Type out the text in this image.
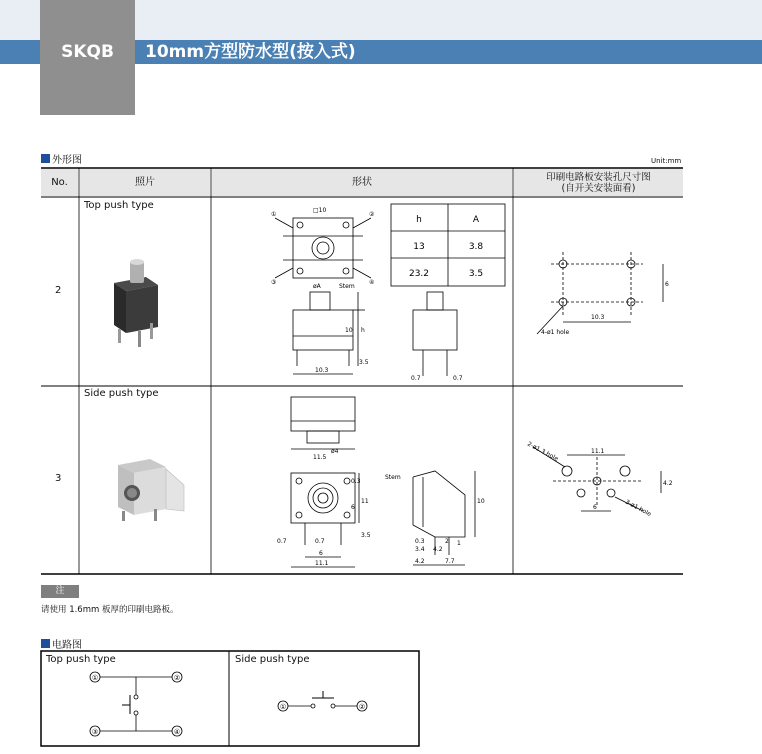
SKQB	10mm方型防水型(按入式)
外形图	Unit:mm
No.	照片	形状	印刷电路板安装孔尺寸图
(自开关安装面看)
2
Top push type
3
Side push type
①	②
③	④
□10
øA	Stem
10 h
3.5
10.3
0.7	0.7
h	A
13	3.8
23.2	3.5
6
10.3
4-ø1 hole
11.5
ø4
Stem
0.3
6
11
3.5
0.7	0.7
6
11.1
10
0.3
3.4 4.2
4.2	7.7
1
2
11.1
4.2
6
2-ø1.3 hole
3-ø1 hole
注
请使用 1.6mm 板厚的印刷电路板。
电路图
①	②
③	④
①	②
Top push type	Side push type
